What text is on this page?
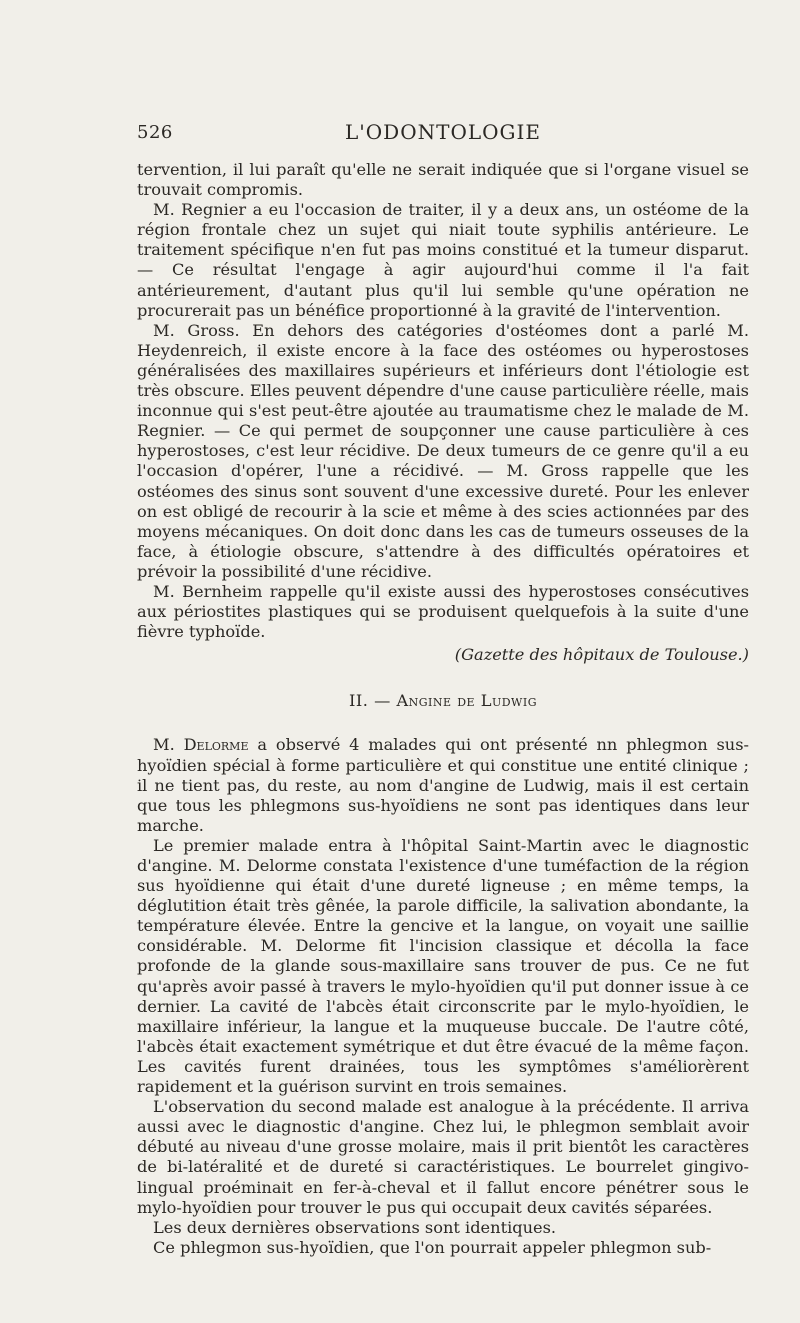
526	L'ODONTOLOGIE

tervention, il lui paraît qu'elle ne serait indiquée que si l'organe visuel se trouvait compromis.

M. Regnier a eu l'occasion de traiter, il y a deux ans, un ostéome de la région frontale chez un sujet qui niait toute syphilis antérieure. Le traitement spécifique n'en fut pas moins constitué et la tumeur disparut. — Ce résultat l'engage à agir aujourd'hui comme il l'a fait antérieurement, d'autant plus qu'il lui semble qu'une opération ne procurerait pas un bénéfice proportionné à la gravité de l'intervention.

M. Gross. En dehors des catégories d'ostéomes dont a parlé M. Heydenreich, il existe encore à la face des ostéomes ou hyperostoses généralisées des maxillaires supérieurs et inférieurs dont l'étiologie est très obscure. Elles peuvent dépendre d'une cause particulière réelle, mais inconnue qui s'est peut-être ajoutée au traumatisme chez le malade de M. Regnier. — Ce qui permet de soupçonner une cause particulière à ces hyperostoses, c'est leur récidive. De deux tumeurs de ce genre qu'il a eu l'occasion d'opérer, l'une a récidivé. — M. Gross rappelle que les ostéomes des sinus sont souvent d'une excessive dureté. Pour les enlever on est obligé de recourir à la scie et même à des scies actionnées par des moyens mécaniques. On doit donc dans les cas de tumeurs osseuses de la face, à étiologie obscure, s'attendre à des difficultés opératoires et prévoir la possibilité d'une récidive.

M. Bernheim rappelle qu'il existe aussi des hyperostoses consécutives aux périostites plastiques qui se produisent quelquefois à la suite d'une fièvre typhoïde.

(Gazette des hôpitaux de Toulouse.)

II. — Angine de Ludwig

M. Delorme a observé 4 malades qui ont présenté nn phlegmon sus-hyoïdien spécial à forme particulière et qui constitue une entité clinique ; il ne tient pas, du reste, au nom d'angine de Ludwig, mais il est certain que tous les phlegmons sus-hyoïdiens ne sont pas identiques dans leur marche.

Le premier malade entra à l'hôpital Saint-Martin avec le diagnostic d'angine. M. Delorme constata l'existence d'une tuméfaction de la région sus hyoïdienne qui était d'une dureté ligneuse ; en même temps, la déglutition était très gênée, la parole difficile, la salivation abondante, la température élevée. Entre la gencive et la langue, on voyait une saillie considérable. M. Delorme fit l'incision classique et décolla la face profonde de la glande sous-maxillaire sans trouver de pus. Ce ne fut qu'après avoir passé à travers le mylo-hyoïdien qu'il put donner issue à ce dernier. La cavité de l'abcès était circonscrite par le mylo-hyoïdien, le maxillaire inférieur, la langue et la muqueuse buccale. De l'autre côté, l'abcès était exactement symétrique et dut être évacué de la même façon. Les cavités furent drainées, tous les symptômes s'améliorèrent rapidement et la guérison survint en trois semaines.

L'observation du second malade est analogue à la précédente. Il arriva aussi avec le diagnostic d'angine. Chez lui, le phlegmon semblait avoir débuté au niveau d'une grosse molaire, mais il prit bientôt les caractères de bi-latéralité et de dureté si caractéristiques. Le bourrelet gingivo-lingual proéminait en fer-à-cheval et il fallut encore pénétrer sous le mylo-hyoïdien pour trouver le pus qui occupait deux cavités séparées.

Les deux dernières observations sont identiques.

Ce phlegmon sus-hyoïdien, que l'on pourrait appeler phlegmon sub-
